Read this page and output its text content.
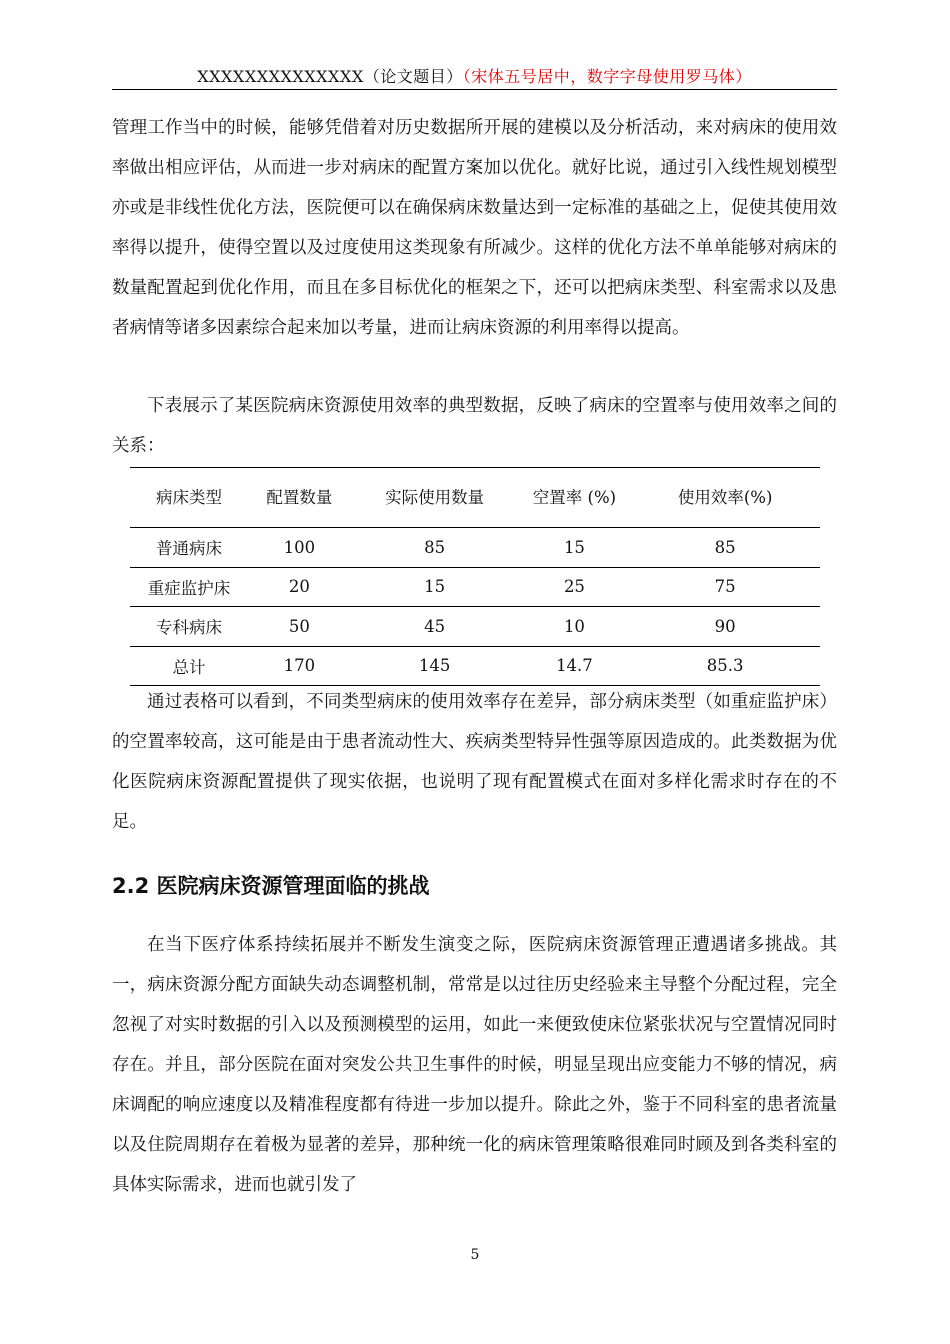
XXXXXXXXXXXXXX（论文题目）（宋体五号居中，数字字母使用罗马体）

管理工作当中的时候，能够凭借着对历史数据所开展的建模以及分析活动，来对病床的使用效率做出相应评估，从而进一步对病床的配置方案加以优化。就好比说，通过引入线性规划模型亦或是非线性优化方法，医院便可以在确保病床数量达到一定标准的基础之上，促使其使用效率得以提升，使得空置以及过度使用这类现象有所减少。这样的优化方法不单单能够对病床的数量配置起到优化作用，而且在多目标优化的框架之下，还可以把病床类型、科室需求以及患者病情等诸多因素综合起来加以考量，进而让病床资源的利用率得以提高。

下表展示了某医院病床资源使用效率的典型数据，反映了病床的空置率与使用效率之间的关系：

病床类型	配置数量	实际使用数量	空置率 (%)	使用效率(%)
普通病床	100	85	15	85
重症监护床	20	15	25	75
专科病床	50	45	10	90
总计	170	145	14.7	85.3

通过表格可以看到，不同类型病床的使用效率存在差异，部分病床类型（如重症监护床）的空置率较高，这可能是由于患者流动性大、疾病类型特异性强等原因造成的。此类数据为优化医院病床资源配置提供了现实依据，也说明了现有配置模式在面对多样化需求时存在的不足。

2.2 医院病床资源管理面临的挑战

在当下医疗体系持续拓展并不断发生演变之际，医院病床资源管理正遭遇诸多挑战。其一，病床资源分配方面缺失动态调整机制，常常是以过往历史经验来主导整个分配过程，完全忽视了对实时数据的引入以及预测模型的运用，如此一来便致使床位紧张状况与空置情况同时存在。并且，部分医院在面对突发公共卫生事件的时候，明显呈现出应变能力不够的情况，病床调配的响应速度以及精准程度都有待进一步加以提升。除此之外，鉴于不同科室的患者流量以及住院周期存在着极为显著的差异，那种统一化的病床管理策略很难同时顾及到各类科室的具体实际需求，进而也就引发了

5
